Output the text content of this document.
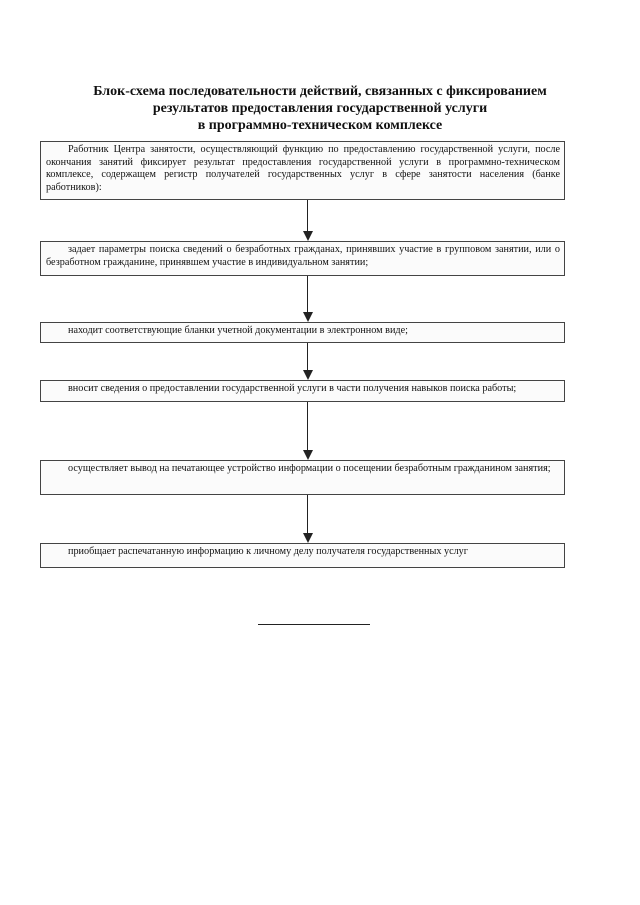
Блок-схема последовательности действий, связанных с фиксированием
результатов предоставления государственной услуги
в программно-техническом комплексе
Работник Центра занятости, осуществляющий функцию по предоставлению государственной услуги, после окончания занятий фиксирует результат предоставления государственной услуги в программно-техническом комплексе, содержащем регистр получателей государственных услуг в сфере занятости населения (банке работников):
задает параметры поиска сведений о безработных гражданах, принявших участие в групповом занятии, или о безработном гражданине, принявшем участие в индивидуальном занятии;
находит соответствующие бланки учетной документации в электронном виде;
вносит сведения о предоставлении государственной услуги в части получения навыков поиска работы;
осуществляет вывод на печатающее устройство информации о посещении безработным гражданином занятия;
приобщает распечатанную информацию к личному делу получателя государственных услуг
